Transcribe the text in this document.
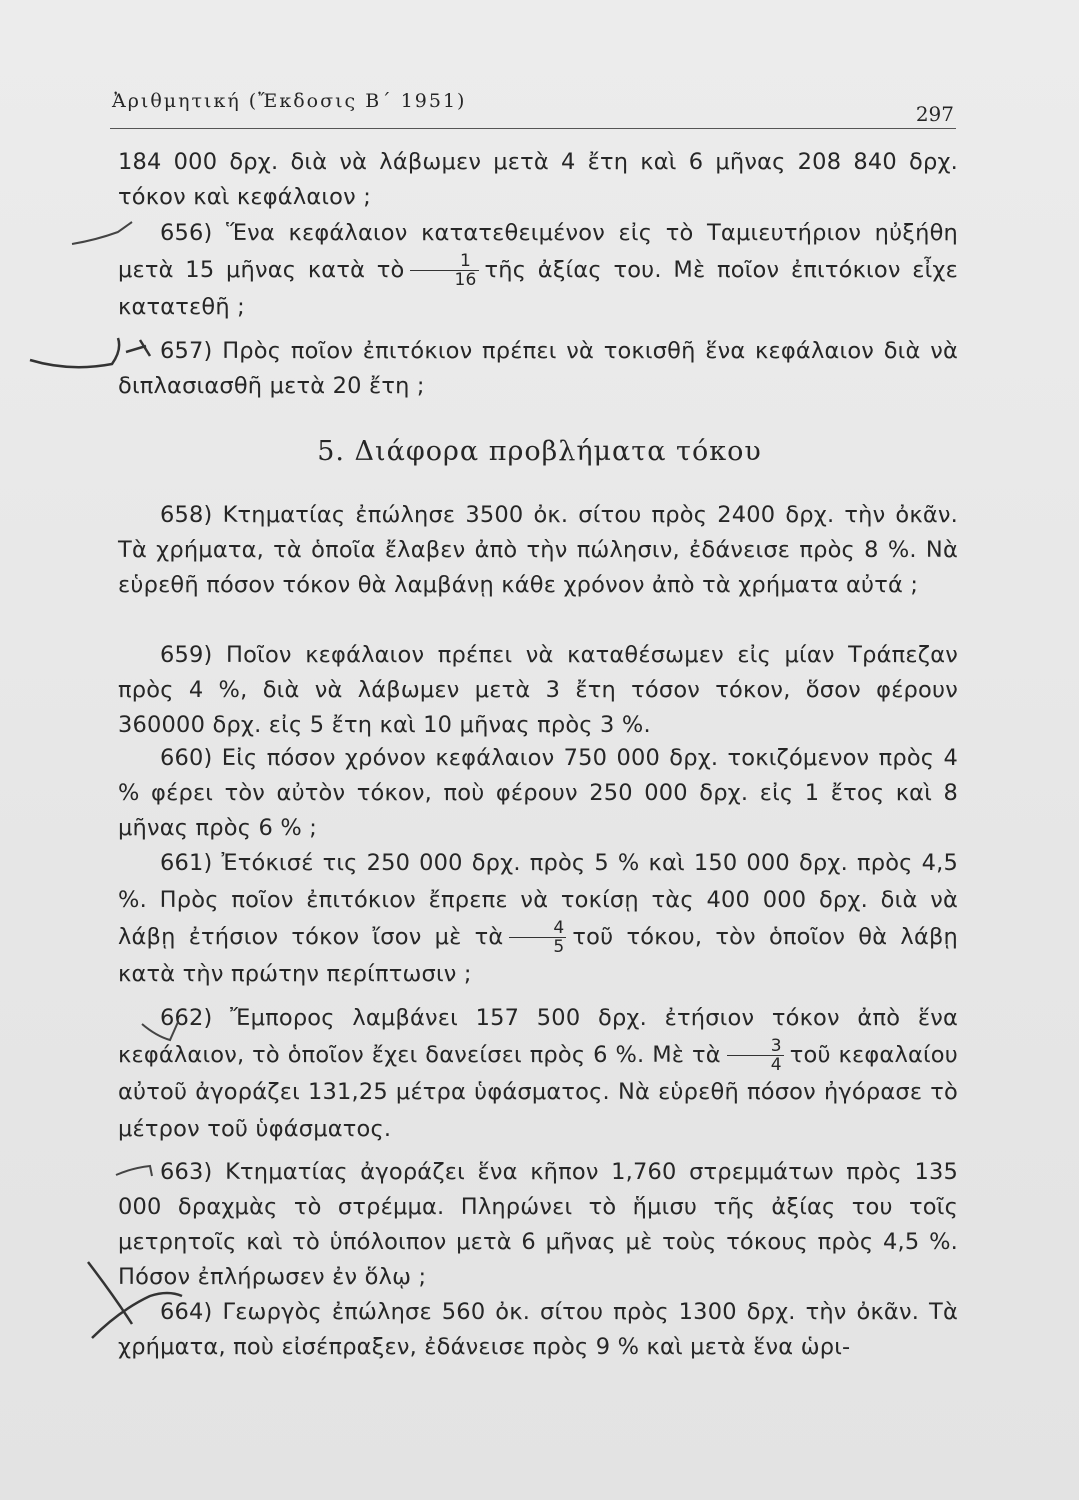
Ἀριθμητική (Ἔκδοσις Β΄ 1951)
297

184 000 δρχ. διὰ νὰ λάβωμεν μετὰ 4 ἔτη καὶ 6 μῆνας 208 840 δρχ. τόκον καὶ κεφάλαιον ;

656) Ἕνα κεφάλαιον κατατεθειμένον εἰς τὸ Ταμιευτήριον ηὐξήθη μετὰ 15 μῆνας κατὰ τὸ $\frac{1}{16}$ τῆς ἀξίας του. Μὲ ποῖον ἐπιτόκιον εἶχε κατατεθῆ ;

657) Πρὸς ποῖον ἐπιτόκιον πρέπει νὰ τοκισθῆ ἕνα κεφάλαιον διὰ νὰ διπλασιασθῆ μετὰ 20 ἔτη ;

5. Διάφορα προβλήματα τόκου

658) Κτηματίας ἐπώλησε 3500 ὀκ. σίτου πρὸς 2400 δρχ. τὴν ὀκᾶν. Τὰ χρήματα, τὰ ὁποῖα ἔλαβεν ἀπὸ τὴν πώλησιν, ἐδάνεισε πρὸς 8 %. Νὰ εὑρεθῆ πόσον τόκον θὰ λαμβάνῃ κάθε χρόνον ἀπὸ τὰ χρήματα αὐτά ;

659) Ποῖον κεφάλαιον πρέπει νὰ καταθέσωμεν εἰς μίαν Τράπεζαν πρὸς 4 %, διὰ νὰ λάβωμεν μετὰ 3 ἔτη τόσον τόκον, ὅσον φέρουν 360000 δρχ. εἰς 5 ἔτη καὶ 10 μῆνας πρὸς 3 %.

660) Εἰς πόσον χρόνον κεφάλαιον 750 000 δρχ. τοκιζόμενον πρὸς 4 % φέρει τὸν αὐτὸν τόκον, ποὺ φέρουν 250 000 δρχ. εἰς 1 ἔτος καὶ 8 μῆνας πρὸς 6 % ;

661) Ἐτόκισέ τις 250 000 δρχ. πρὸς 5 % καὶ 150 000 δρχ. πρὸς 4,5 %. Πρὸς ποῖον ἐπιτόκιον ἔπρεπε νὰ τοκίσῃ τὰς 400 000 δρχ. διὰ νὰ λάβῃ ἐτήσιον τόκον ἴσον μὲ τὰ $\frac{4}{5}$ τοῦ τόκου, τὸν ὁποῖον θὰ λάβῃ κατὰ τὴν πρώτην περίπτωσιν ;

662) Ἔμπορος λαμβάνει 157 500 δρχ. ἐτήσιον τόκον ἀπὸ ἕνα κεφάλαιον, τὸ ὁποῖον ἔχει δανείσει πρὸς 6 %. Μὲ τὰ $\frac{3}{4}$ τοῦ κεφαλαίου αὐτοῦ ἀγοράζει 131,25 μέτρα ὑφάσματος. Νὰ εὑρεθῆ πόσον ἠγόρασε τὸ μέτρον τοῦ ὑφάσματος.

663) Κτηματίας ἀγοράζει ἕνα κῆπον 1,760 στρεμμάτων πρὸς 135 000 δραχμὰς τὸ στρέμμα. Πληρώνει τὸ ἥμισυ τῆς ἀξίας του τοῖς μετρητοῖς καὶ τὸ ὑπόλοιπον μετὰ 6 μῆνας μὲ τοὺς τόκους πρὸς 4,5 %. Πόσον ἐπλήρωσεν ἐν ὅλῳ ;

664) Γεωργὸς ἐπώλησε 560 ὀκ. σίτου πρὸς 1300 δρχ. τὴν ὀκᾶν. Τὰ χρήματα, ποὺ εἰσέπραξεν, ἐδάνεισε πρὸς 9 % καὶ μετὰ ἕνα ὡρι-
